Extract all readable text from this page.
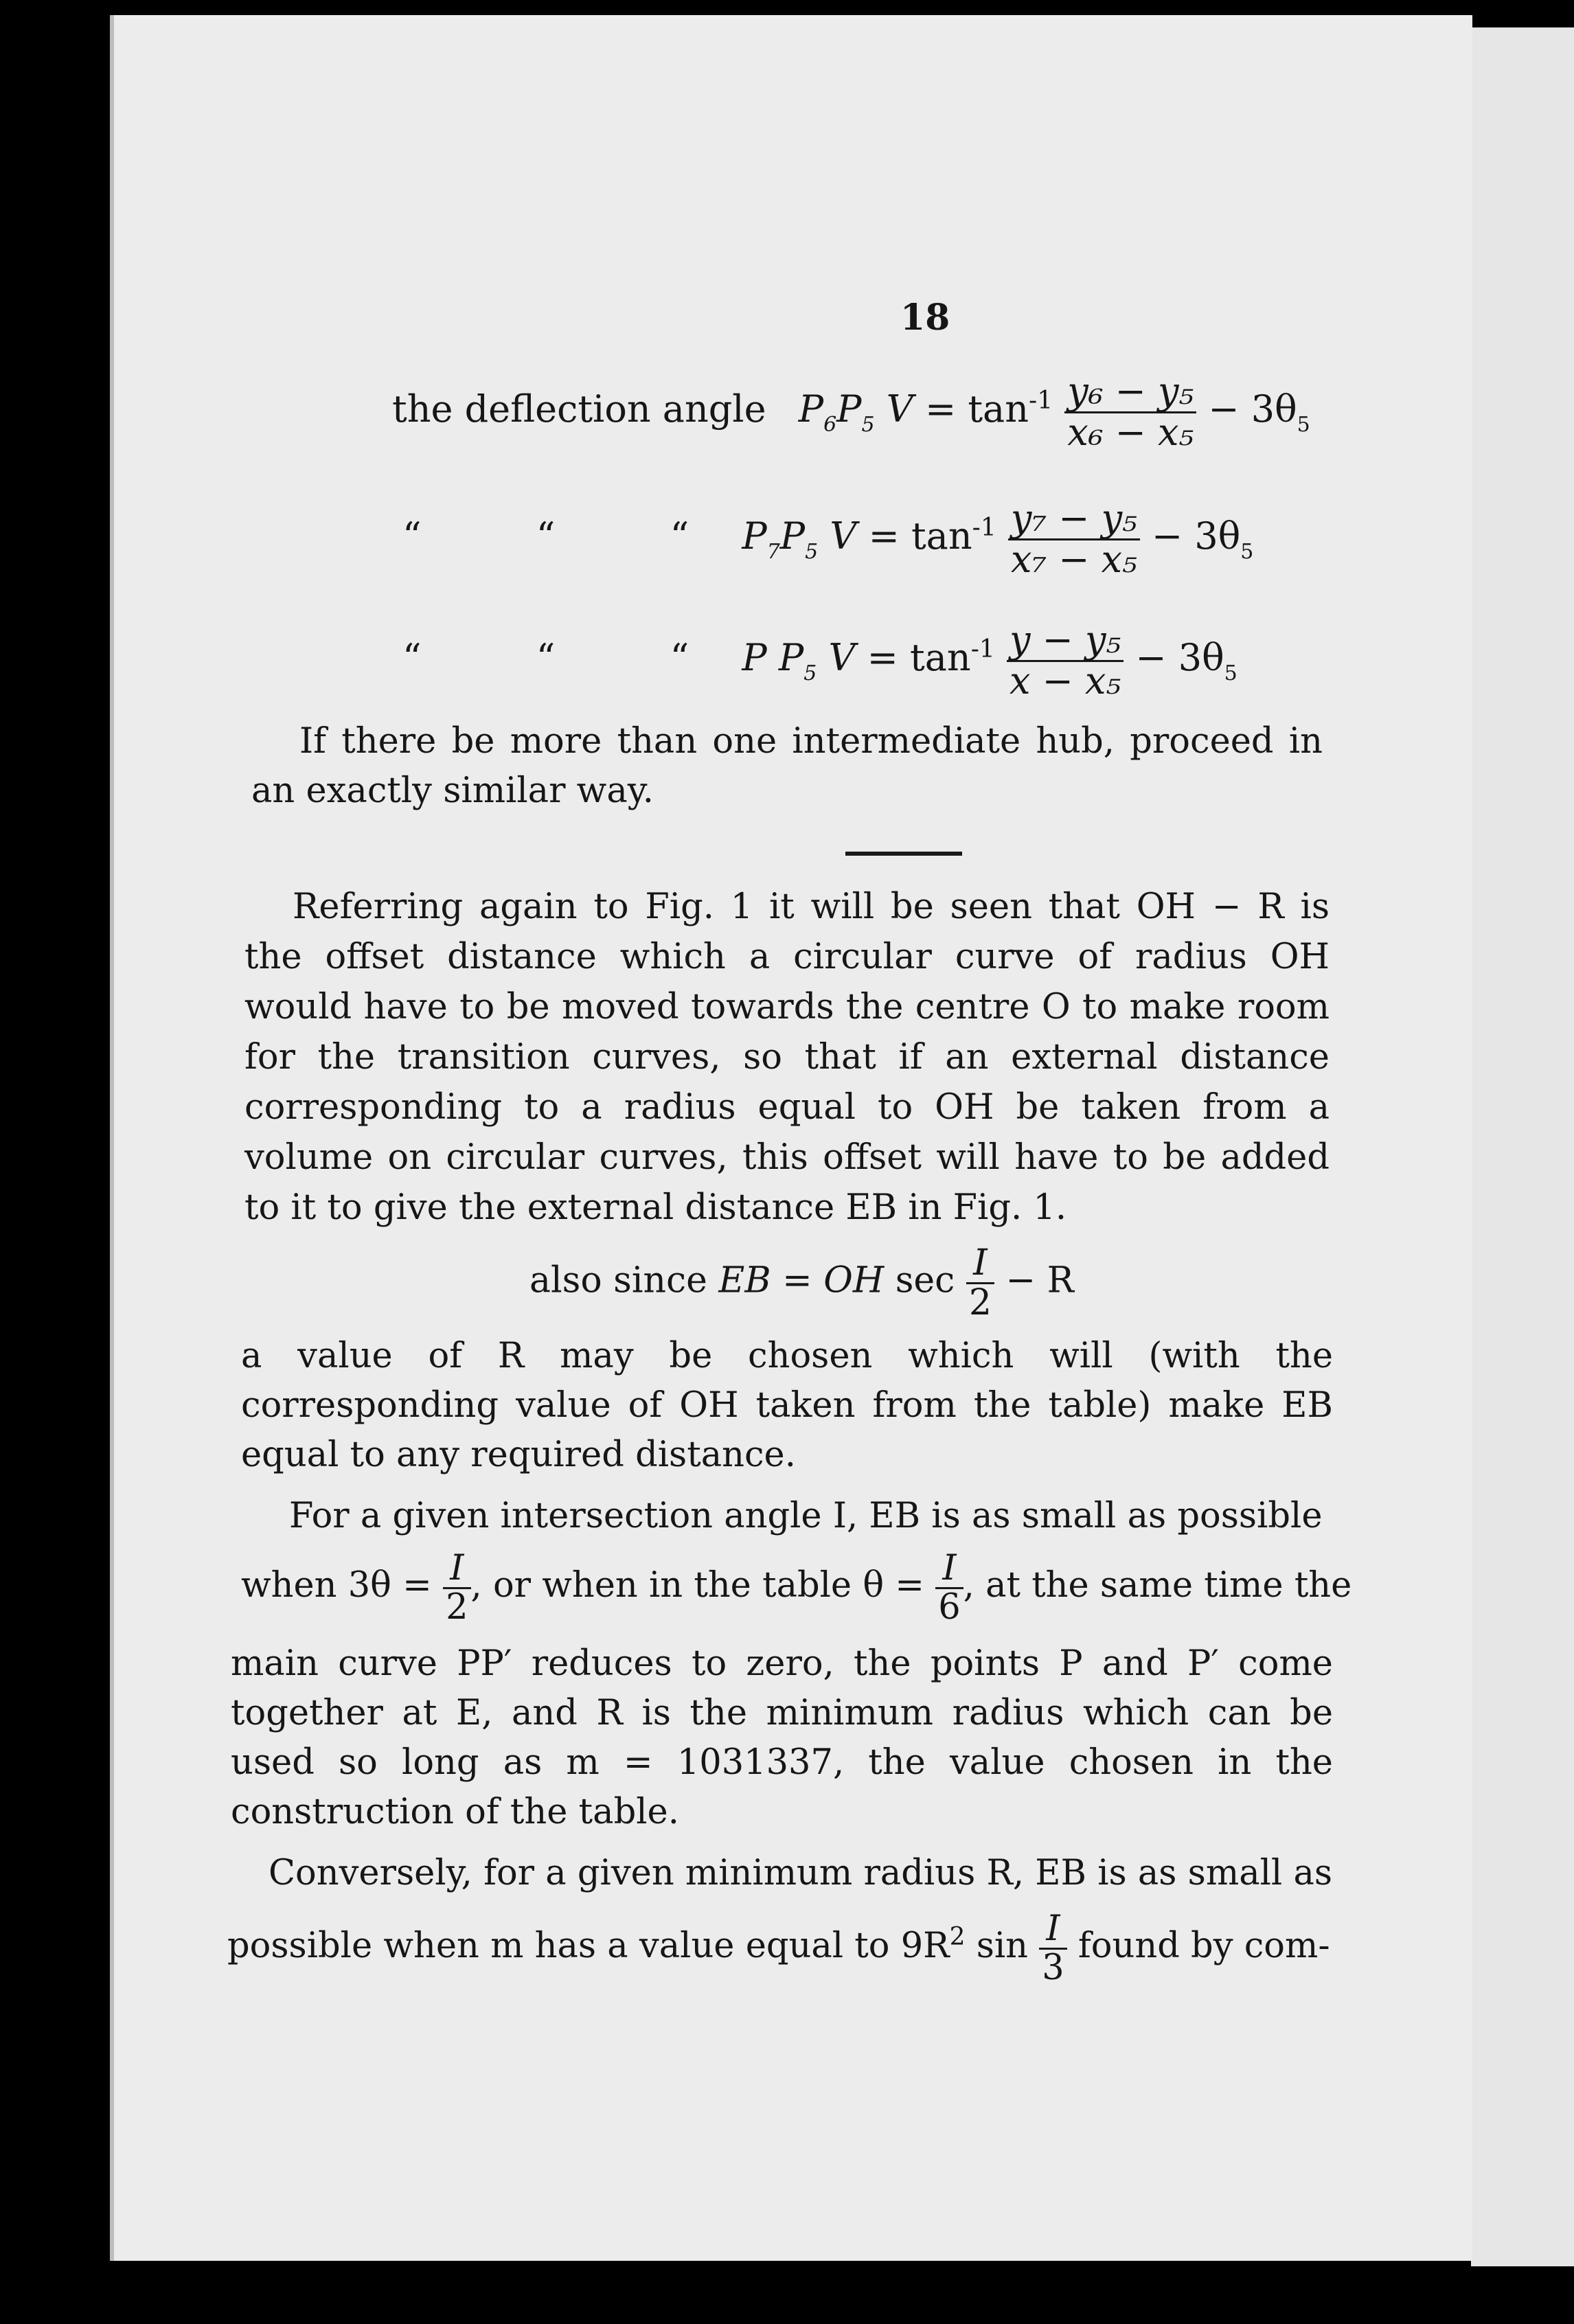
18
the deflection angle $P_6P_5$ $V = \tan^{-1} \frac{\text{y₆ − y₅}}{\text{x₆ − x₅}} - 3\theta_5$
“	“	“ $P_7P_5$ $V = \tan^{-1} \frac{\text{y₇ − y₅}}{\text{x₇ − x₅}} - 3\theta_5$
“	“	“ P $P_5$ $V = \tan^{-1} \frac{\text{y − y₅}}{\text{x − x₅}} - 3\theta_5$
If there be more than one intermediate hub, proceed in an exactly similar way.
Referring again to Fig. 1 it will be seen that OH − R is the offset distance which a circular curve of radius OH would have to be moved towards the centre O to make room for the transition curves, so that if an external distance corresponding to a radius equal to OH be taken from a volume on circular curves, this offset will have to be added to it to give the external distance EB in Fig. 1.
also since EB = OH $\sec \frac{I}{2} - R$
a value of R may be chosen which will (with the corresponding value of OH taken from the table) make EB equal to any required distance.
For a given intersection angle I, EB is as small as possible
when $3\theta = \frac{I}{2}$ , or when in the table $\theta = \frac{I}{6}$ , at the same time the
main curve PP′ reduces to zero, the points P and P′ come together at E, and R is the minimum radius which can be used so long as m = 1031337, the value chosen in the construction of the table.
Conversely, for a given minimum radius R, EB is as small as
possible when m has a value equal to $9R^2$ $\sin \frac{I}{3}$ found by com-
